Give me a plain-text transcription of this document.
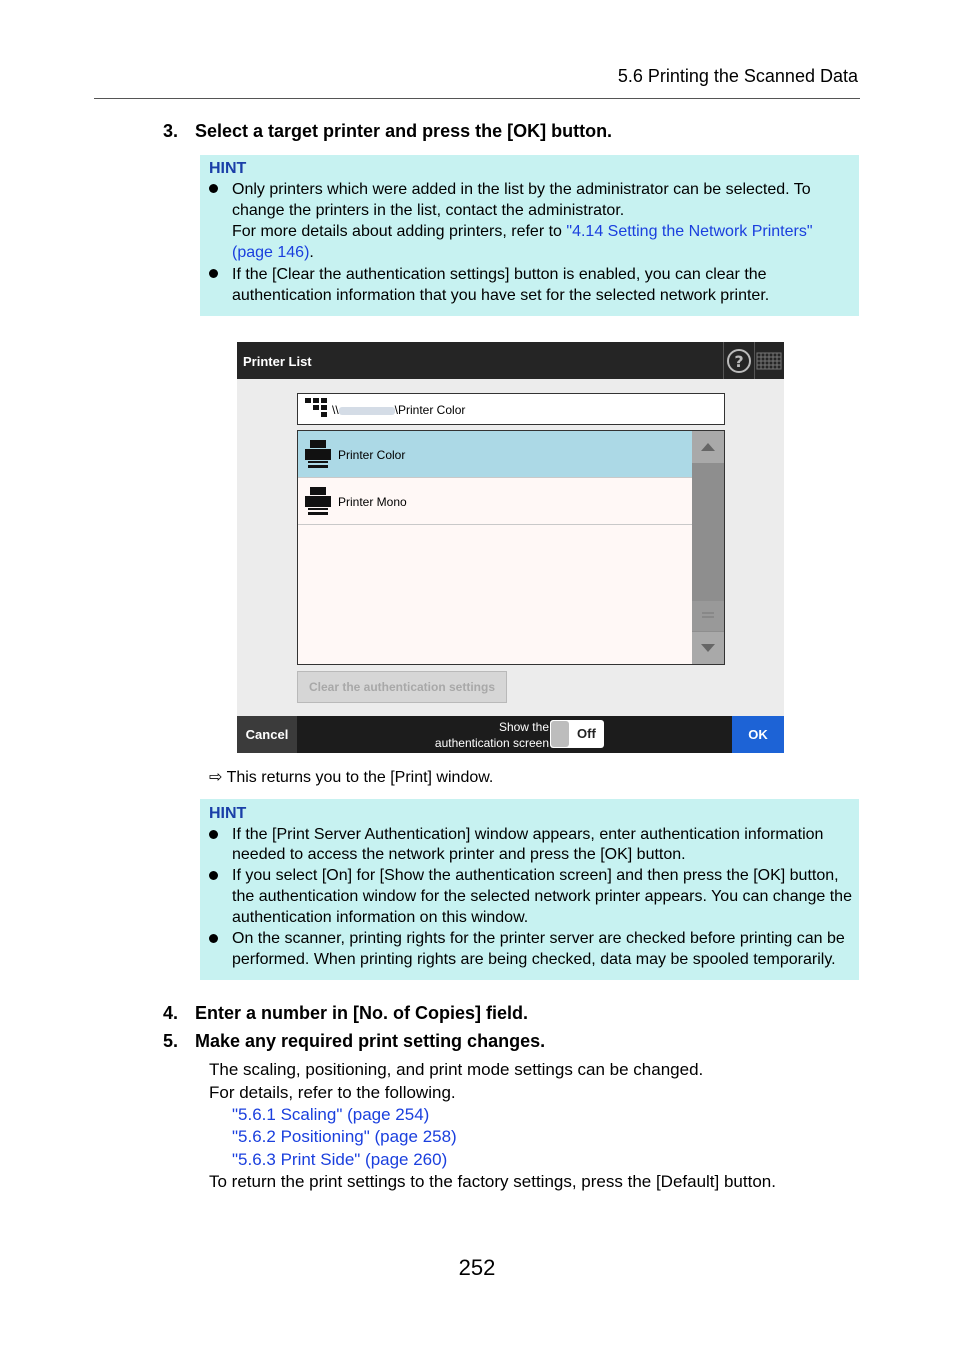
5.6 Printing the Scanned Data
3. Select a target printer and press the [OK] button.
HINT
Only printers which were added in the list by the administrator can be selected. To
change the printers in the list, contact the administrator.
For more details about adding printers, refer to "4.14 Setting the Network Printers"
(page 146).
If the [Clear the authentication settings] button is enabled, you can clear the
authentication information that you have set for the selected network printer.
Printer List	?
\\	\Printer Color
Printer Color
Printer Mono
Clear the authentication settings
Cancel	Show the
authentication screen
Off	OK
⇨ This returns you to the [Print] window.
HINT
If the [Print Server Authentication] window appears, enter authentication information
needed to access the network printer and press the [OK] button.
If you select [On] for [Show the authentication screen] and then press the [OK] button,
the authentication window for the selected network printer appears. You can change the
authentication information on this window.
On the scanner, printing rights for the printer server are checked before printing can be
performed. When printing rights are being checked, data may be spooled temporarily.
4. Enter a number in [No. of Copies] field.
5. Make any required print setting changes.
The scaling, positioning, and print mode settings can be changed.
For details, refer to the following.
"5.6.1 Scaling" (page 254)
"5.6.2 Positioning" (page 258)
"5.6.3 Print Side" (page 260)
To return the print settings to the factory settings, press the [Default] button.
252
